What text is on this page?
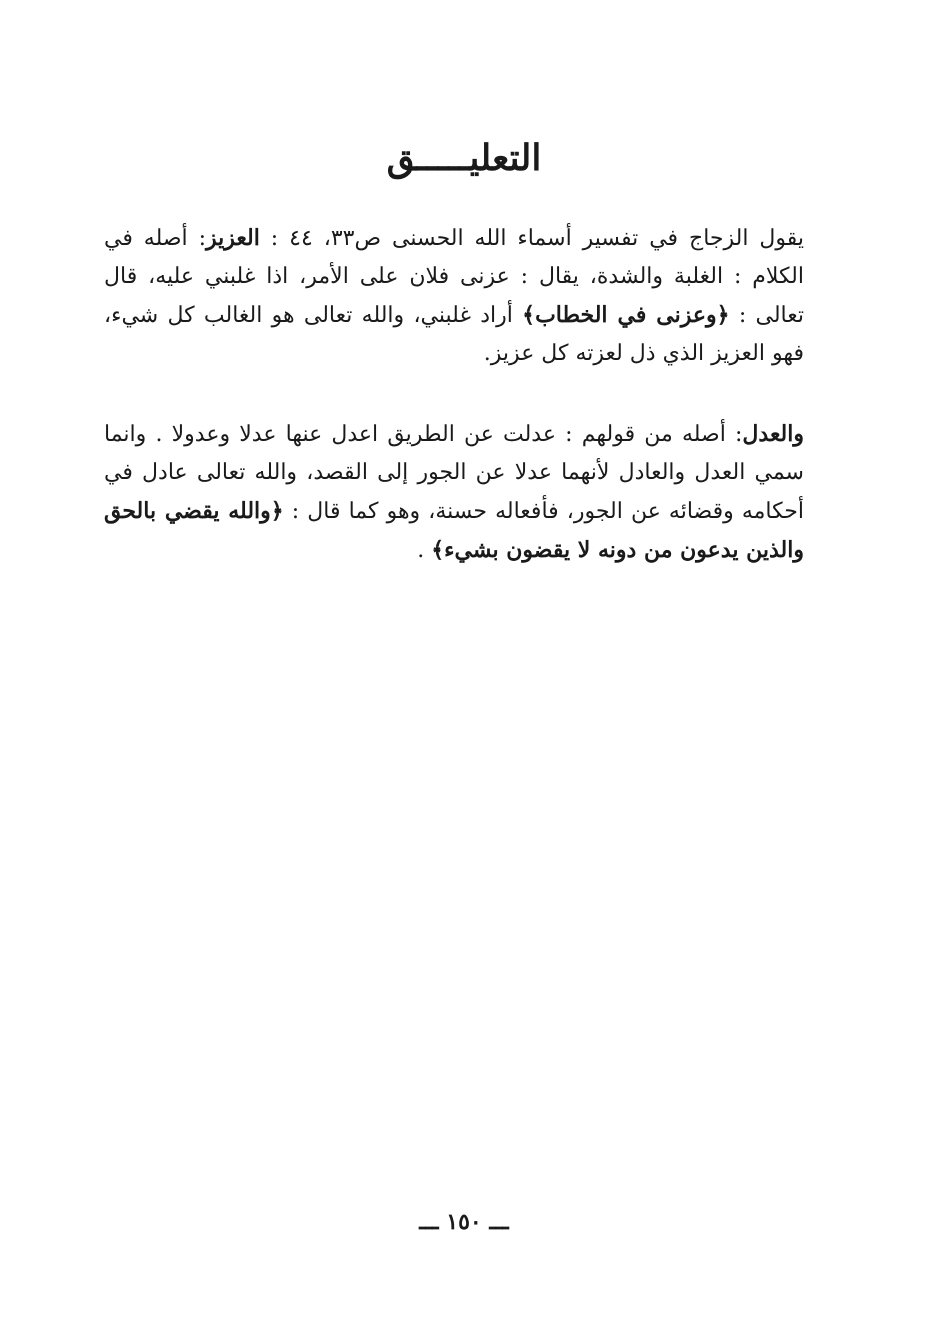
التعليـــــق
يقول الزجاج في تفسير أسماء الله الحسنى ص٣٣، ٤٤ : العزيز: أصله في الكلام : الغلبة والشدة، يقال : عزنى فلان على الأمر، اذا غلبني عليه، قال تعالى : ﴿وعزنى في الخطاب﴾ أراد غلبني، والله تعالى هو الغالب كل شيء، فهو العزيز الذي ذل لعزته كل عزيز.
والعدل: أصله من قولهم : عدلت عن الطريق اعدل عنها عدلا وعدولا . وانما سمي العدل والعادل لأنهما عدلا عن الجور إلى القصد، والله تعالى عادل في أحكامه وقضائه عن الجور، فأفعاله حسنة، وهو كما قال : ﴿والله يقضي بالحق والذين يدعون من دونه لا يقضون بشيء﴾ .
ـــ ١٥٠ ـــ
